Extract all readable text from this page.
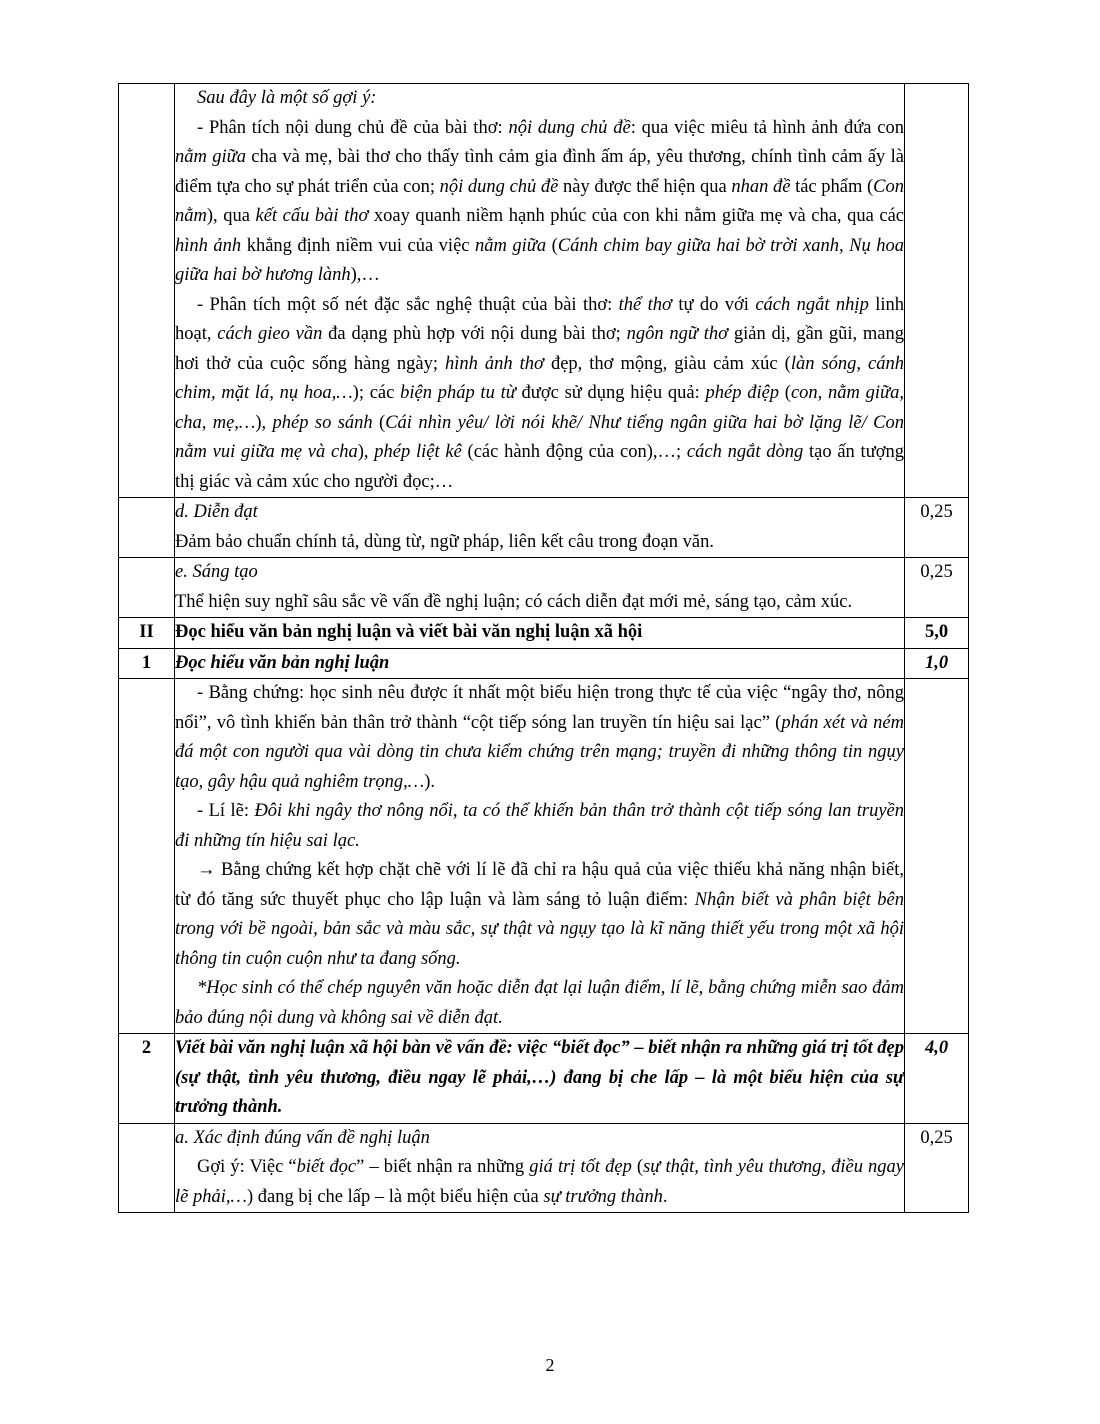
	Sau đây là một số gợi ý:

- Phân tích nội dung chủ đề của bài thơ: nội dung chủ đề: qua việc miêu tả hình ảnh đứa con nằm giữa cha và mẹ, bài thơ cho thấy tình cảm gia đình ấm áp, yêu thương, chính tình cảm ấy là điểm tựa cho sự phát triển của con; nội dung chủ đề này được thể hiện qua nhan đề tác phẩm (Con nằm), qua kết cấu bài thơ xoay quanh niềm hạnh phúc của con khi nằm giữa mẹ và cha, qua các hình ảnh khẳng định niềm vui của việc nằm giữa (Cánh chim bay giữa hai bờ trời xanh, Nụ hoa giữa hai bờ hương lành),…

- Phân tích một số nét đặc sắc nghệ thuật của bài thơ: thể thơ tự do với cách ngắt nhịp linh hoạt, cách gieo vần đa dạng phù hợp với nội dung bài thơ; ngôn ngữ thơ giản dị, gần gũi, mang hơi thở của cuộc sống hàng ngày; hình ảnh thơ đẹp, thơ mộng, giàu cảm xúc (làn sóng, cánh chim, mặt lá, nụ hoa,…); các biện pháp tu từ được sử dụng hiệu quả: phép điệp (con, nằm giữa, cha, mẹ,…), phép so sánh (Cái nhìn yêu/ lời nói khẽ/ Như tiếng ngân giữa hai bờ lặng lẽ/ Con nằm vui giữa mẹ và cha), phép liệt kê (các hành động của con),…; cách ngắt dòng tạo ấn tượng thị giác và cảm xúc cho người đọc;…	

	d. Diễn đạt

Đảm bảo chuẩn chính tả, dùng từ, ngữ pháp, liên kết câu trong đoạn văn.	0,25

	e. Sáng tạo

Thể hiện suy nghĩ sâu sắc về vấn đề nghị luận; có cách diễn đạt mới mẻ, sáng tạo, cảm xúc.	0,25
II	Đọc hiểu văn bản nghị luận và viết bài văn nghị luận xã hội	5,0
1	Đọc hiểu văn bản nghị luận	1,0

	- Bằng chứng: học sinh nêu được ít nhất một biểu hiện trong thực tế của việc “ngây thơ, nông nổi”, vô tình khiến bản thân trở thành “cột tiếp sóng lan truyền tín hiệu sai lạc” (phán xét và ném đá một con người qua vài dòng tin chưa kiểm chứng trên mạng; truyền đi những thông tin ngụy tạo, gây hậu quả nghiêm trọng,…).

- Lí lẽ: Đôi khi ngây thơ nông nổi, ta có thể khiến bản thân trở thành cột tiếp sóng lan truyền đi những tín hiệu sai lạc.

→ Bằng chứng kết hợp chặt chẽ với lí lẽ đã chỉ ra hậu quả của việc thiếu khả năng nhận biết, từ đó tăng sức thuyết phục cho lập luận và làm sáng tỏ luận điểm: Nhận biết và phân biệt bên trong với bề ngoài, bản sắc và màu sắc, sự thật và ngụy tạo là kĩ năng thiết yếu trong một xã hội thông tin cuộn cuộn như ta đang sống.

*Học sinh có thể chép nguyên văn hoặc diễn đạt lại luận điểm, lí lẽ, bằng chứng miễn sao đảm bảo đúng nội dung và không sai về diễn đạt.	

2	Viết bài văn nghị luận xã hội bàn về vấn đề: việc “biết đọc” – biết nhận ra những giá trị tốt đẹp (sự thật, tình yêu thương, điều ngay lẽ phải,…) đang bị che lấp – là một biểu hiện của sự trưởng thành.	4,0

	a. Xác định đúng vấn đề nghị luận

Gợi ý: Việc “biết đọc” – biết nhận ra những giá trị tốt đẹp (sự thật, tình yêu thương, điều ngay lẽ phải,…) đang bị che lấp – là một biểu hiện của sự trưởng thành.	0,25
2
